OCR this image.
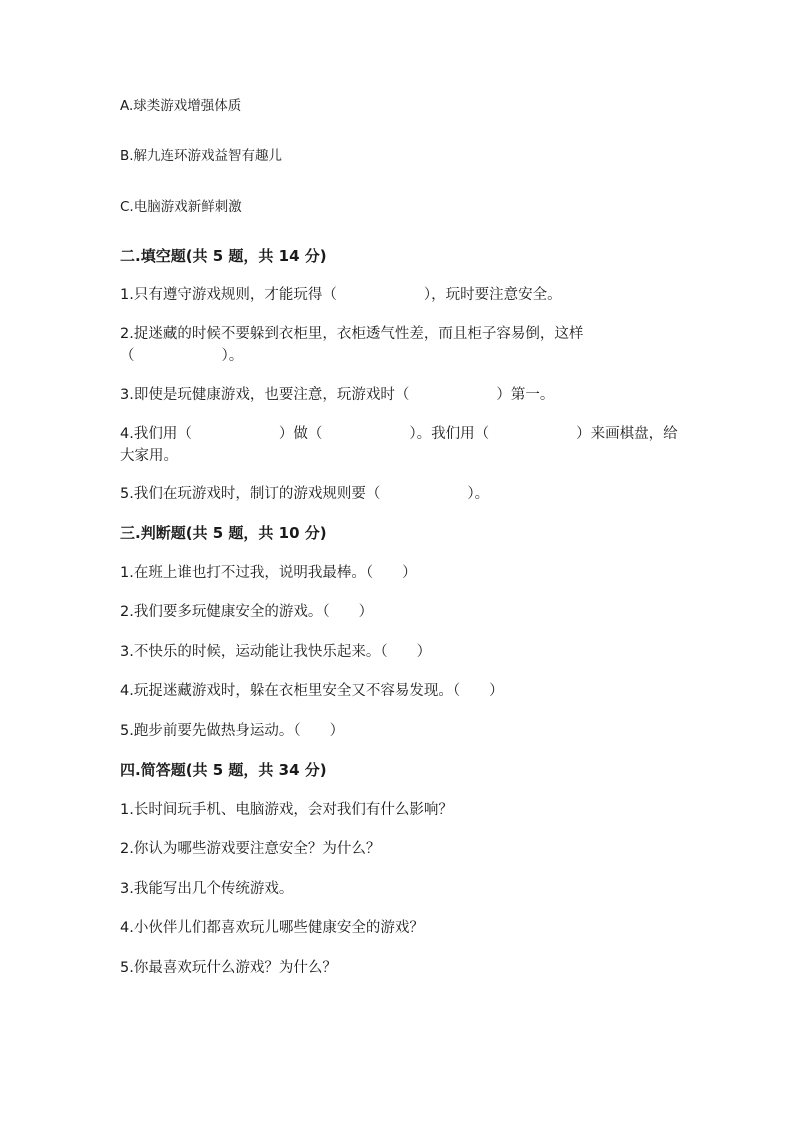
A.球类游戏增强体质
B.解九连环游戏益智有趣儿
C.电脑游戏新鲜刺激
二.填空题(共 5 题，共 14 分)
1.只有遵守游戏规则，才能玩得（　　　　　　），玩时要注意安全。
2.捉迷藏的时候不要躲到衣柜里，衣柜透气性差，而且柜子容易倒，这样（　　　　　　）。
3.即使是玩健康游戏，也要注意，玩游戏时（　　　　　　）第一。
4.我们用（　　　　　　）做（　　　　　　）。我们用（　　　　　　）来画棋盘，给大家用。
5.我们在玩游戏时，制订的游戏规则要（　　　　　　）。
三.判断题(共 5 题，共 10 分)
1.在班上谁也打不过我，说明我最棒。（　　）
2.我们要多玩健康安全的游戏。（　　）
3.不快乐的时候，运动能让我快乐起来。（　　）
4.玩捉迷藏游戏时，躲在衣柜里安全又不容易发现。（　　）
5.跑步前要先做热身运动。（　　）
四.简答题(共 5 题，共 34 分)
1.长时间玩手机、电脑游戏，会对我们有什么影响？
2.你认为哪些游戏要注意安全？为什么？
3.我能写出几个传统游戏。
4.小伙伴儿们都喜欢玩儿哪些健康安全的游戏？
5.你最喜欢玩什么游戏？为什么？
